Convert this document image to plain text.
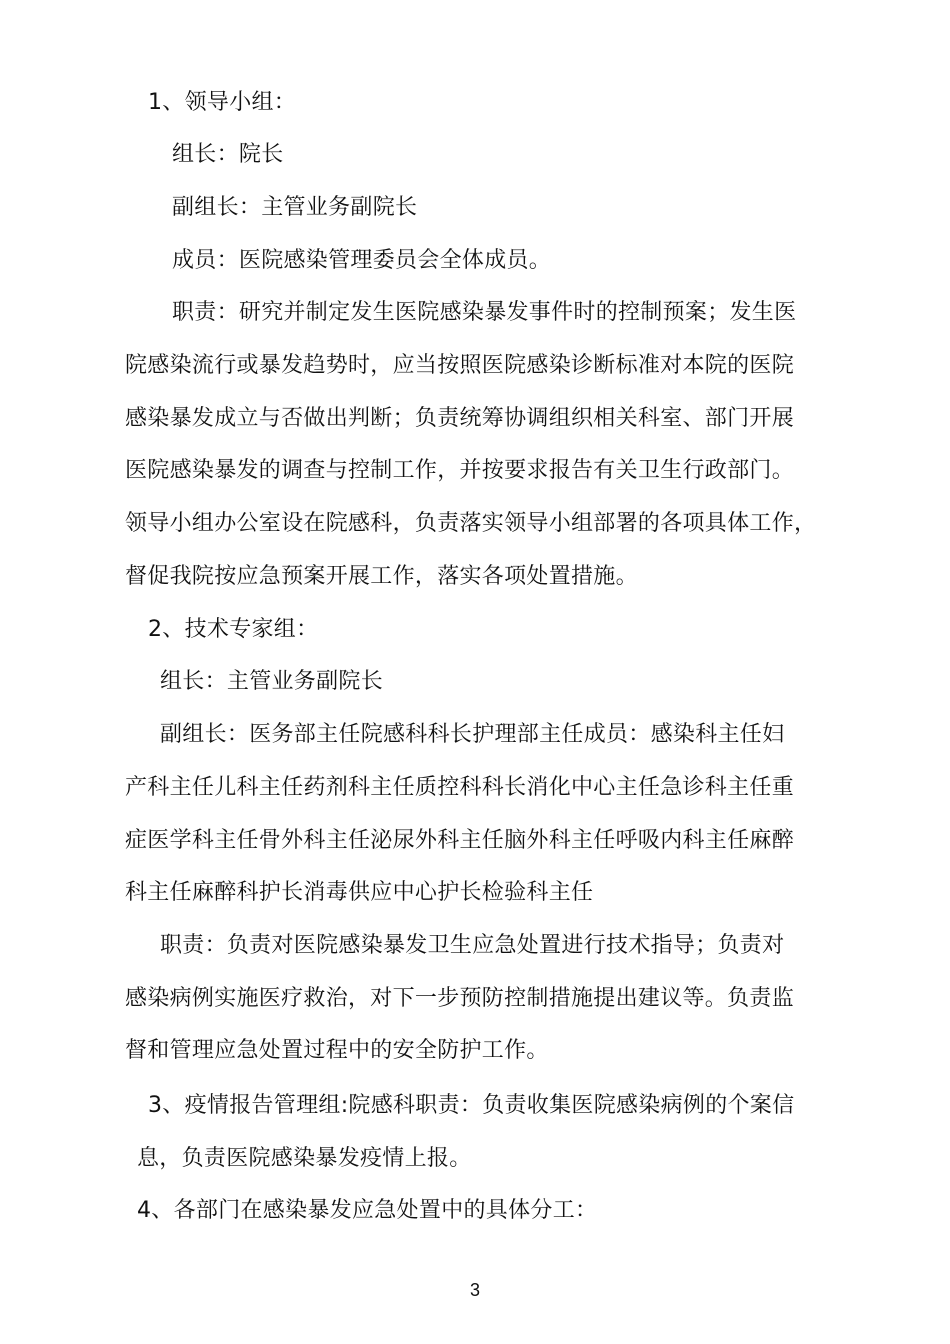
1、领导小组：
组长：院长
副组长：主管业务副院长
成员：医院感染管理委员会全体成员。
职责：研究并制定发生医院感染暴发事件时的控制预案；发生医
院感染流行或暴发趋势时，应当按照医院感染诊断标准对本院的医院
感染暴发成立与否做出判断；负责统筹协调组织相关科室、部门开展
医院感染暴发的调查与控制工作，并按要求报告有关卫生行政部门。
领导小组办公室设在院感科，负责落实领导小组部署的各项具体工作，
督促我院按应急预案开展工作，落实各项处置措施。
2、技术专家组：
组长：主管业务副院长
副组长：医务部主任院感科科长护理部主任成员：感染科主任妇
产科主任儿科主任药剂科主任质控科科长消化中心主任急诊科主任重
症医学科主任骨外科主任泌尿外科主任脑外科主任呼吸内科主任麻醉
科主任麻醉科护长消毒供应中心护长检验科主任
职责：负责对医院感染暴发卫生应急处置进行技术指导；负责对
感染病例实施医疗救治，对下一步预防控制措施提出建议等。负责监
督和管理应急处置过程中的安全防护工作。
3、疫情报告管理组:院感科职责：负责收集医院感染病例的个案信
息，负责医院感染暴发疫情上报。
4、各部门在感染暴发应急处置中的具体分工：
3
